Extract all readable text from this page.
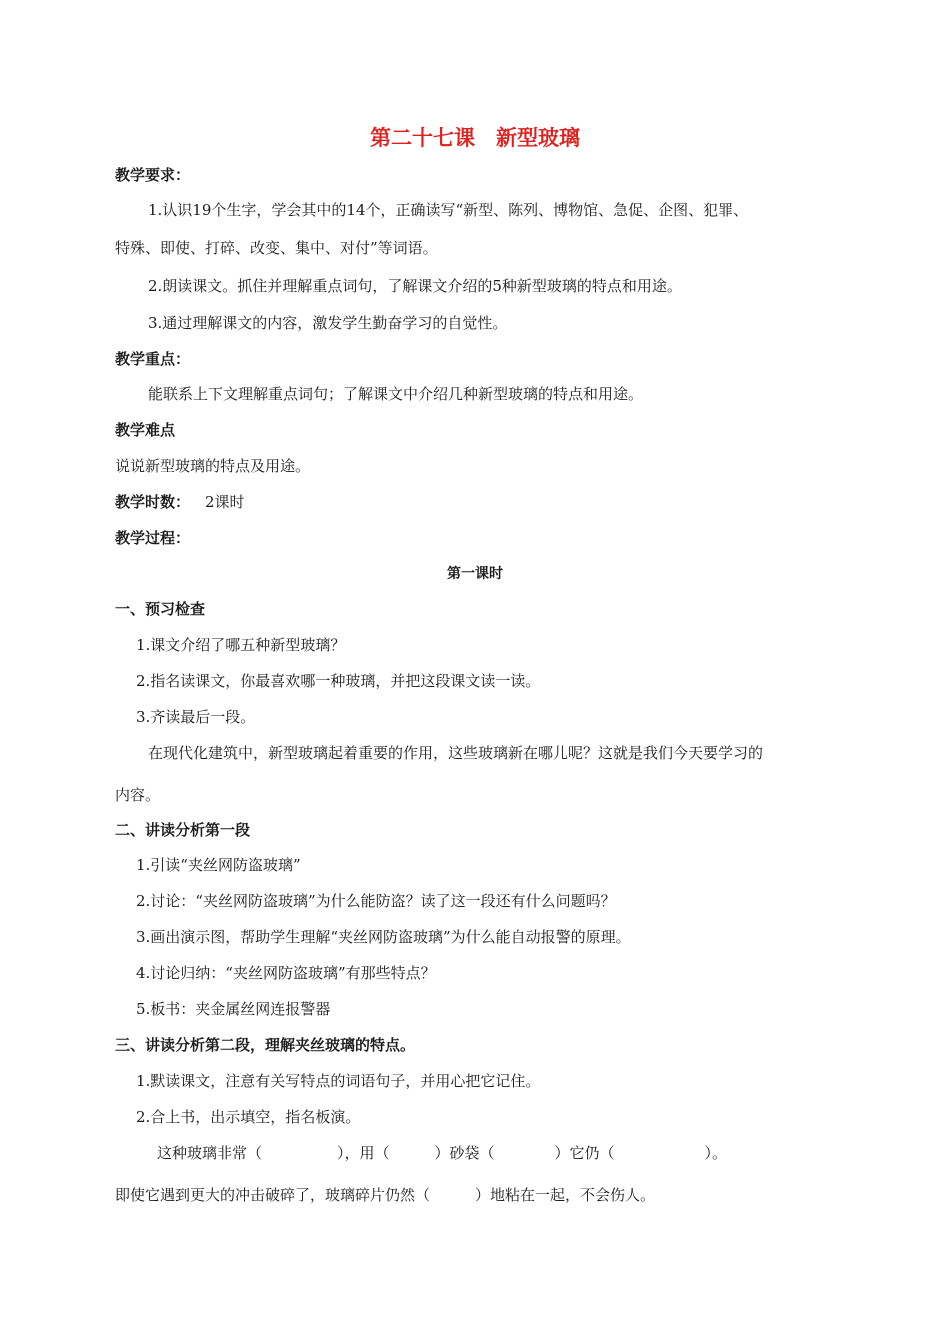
第二十七课　新型玻璃
教学要求：
1.认识19个生字，学会其中的14个，正确读写“新型、陈列、博物馆、急促、企图、犯罪、
特殊、即使、打碎、改变、集中、对付”等词语。
2.朗读课文。抓住并理解重点词句，了解课文介绍的5种新型玻璃的特点和用途。
3.通过理解课文的内容，激发学生勤奋学习的自觉性。
教学重点：
能联系上下文理解重点词句；了解课文中介绍几种新型玻璃的特点和用途。
教学难点
说说新型玻璃的特点及用途。
教学时数： 2课时
教学过程：
第一课时
一、预习检查
1.课文介绍了哪五种新型玻璃？
2.指名读课文，你最喜欢哪一种玻璃，并把这段课文读一读。
3.齐读最后一段。
在现代化建筑中，新型玻璃起着重要的作用，这些玻璃新在哪儿呢？这就是我们今天要学习的
内容。
二、讲读分析第一段
1.引读“夹丝网防盗玻璃”
2.讨论：“夹丝网防盗玻璃”为什么能防盗？读了这一段还有什么问题吗？
3.画出演示图，帮助学生理解“夹丝网防盗玻璃”为什么能自动报警的原理。
4.讨论归纳：“夹丝网防盗玻璃”有那些特点？
5.板书：夹金属丝网连报警器
三、讲读分析第二段，理解夹丝玻璃的特点。
1.默读课文，注意有关写特点的词语句子，并用心把它记住。
2.合上书，出示填空，指名板演。
这种玻璃非常（　　　　　），用（　　　）砂袋（　　　　）它仍（　　　　　　）。
即使它遇到更大的冲击破碎了，玻璃碎片仍然（　　　）地粘在一起，不会伤人。
